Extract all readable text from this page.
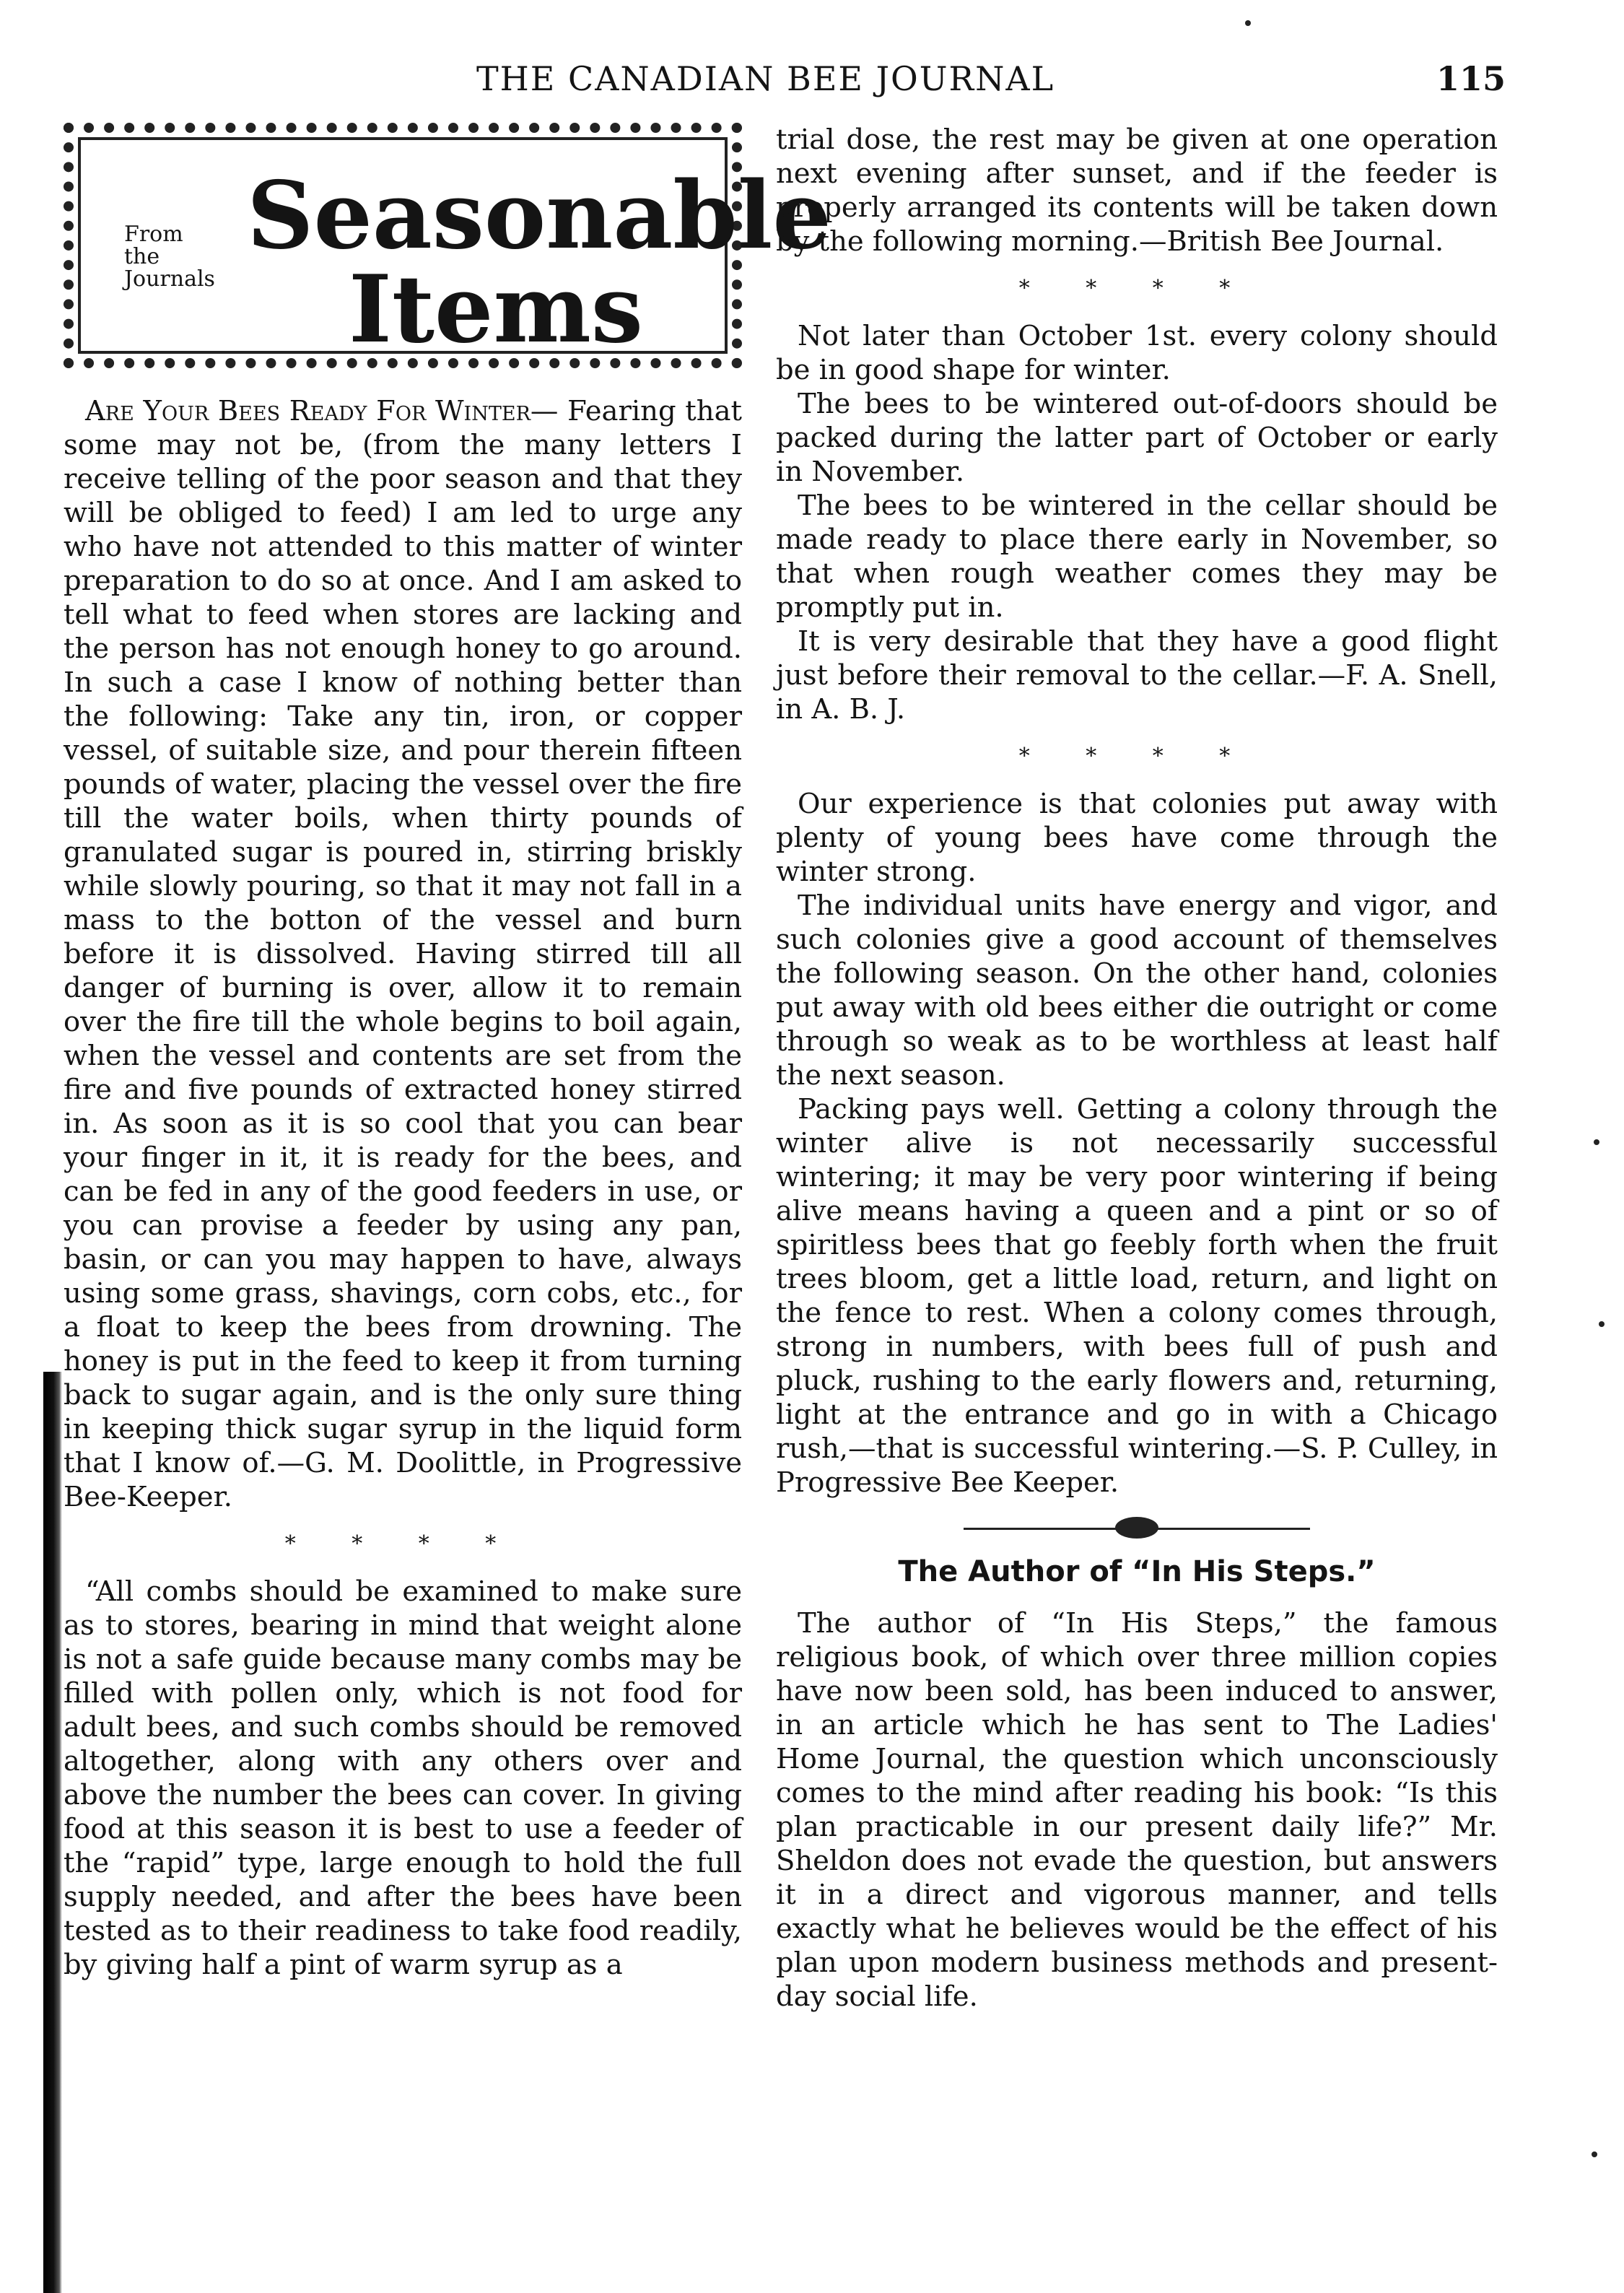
THE CANADIAN BEE JOURNAL	115
From
the
Journals
Seasonable
Items

Are Your Bees Ready For Winter— Fearing that some may not be, (from the many letters I receive telling of the poor season and that they will be obliged to feed) I am led to urge any who have not attended to this matter of winter preparation to do so at once. And I am asked to tell what to feed when stores are lacking and the person has not enough honey to go around. In such a case I know of nothing better than the following: Take any tin, iron, or copper vessel, of suitable size, and pour therein fifteen pounds of water, placing the vessel over the fire till the water boils, when thirty pounds of granulated sugar is poured in, stirring briskly while slowly pouring, so that it may not fall in a mass to the botton of the vessel and burn before it is dissolved. Having stirred till all danger of burning is over, allow it to remain over the fire till the whole begins to boil again, when the vessel and contents are set from the fire and five pounds of extracted honey stirred in. As soon as it is so cool that you can bear your finger in it, it is ready for the bees, and can be fed in any of the good feeders in use, or you can provise a feeder by using any pan, basin, or can you may happen to have, always using some grass, shavings, corn cobs, etc., for a float to keep the bees from drowning. The honey is put in the feed to keep it from turning back to sugar again, and is the only sure thing in keeping thick sugar syrup in the liquid form that I know of.—G. M. Doolittle, in Progressive Bee-Keeper.

* * * *

“All combs should be examined to make sure as to stores, bearing in mind that weight alone is not a safe guide because many combs may be filled with pollen only, which is not food for adult bees, and such combs should be removed altogether, along with any others over and above the number the bees can cover. In giving food at this season it is best to use a feeder of the “rapid” type, large enough to hold the full supply needed, and after the bees have been tested as to their readiness to take food readily, by giving half a pint of warm syrup as a

trial dose, the rest may be given at one operation next evening after sunset, and if the feeder is properly arranged its contents will be taken down by the following morning.—British Bee Journal.

* * * *

Not later than October 1st. every colony should be in good shape for winter.

The bees to be wintered out-of-doors should be packed during the latter part of October or early in November.

The bees to be wintered in the cellar should be made ready to place there early in November, so that when rough weather comes they may be promptly put in.

It is very desirable that they have a good flight just before their removal to the cellar.—F. A. Snell, in A. B. J.

* * * *

Our experience is that colonies put away with plenty of young bees have come through the winter strong.

The individual units have energy and vigor, and such colonies give a good account of themselves the following season. On the other hand, colonies put away with old bees either die outright or come through so weak as to be worthless at least half the next season.

Packing pays well. Getting a colony through the winter alive is not necessarily successful wintering; it may be very poor wintering if being alive means having a queen and a pint or so of spiritless bees that go feebly forth when the fruit trees bloom, get a little load, return, and light on the fence to rest. When a colony comes through, strong in numbers, with bees full of push and pluck, rushing to the early flowers and, returning, light at the entrance and go in with a Chicago rush,—that is successful wintering.—S. P. Culley, in Progressive Bee Keeper.

The Author of “In His Steps.”

The author of “In His Steps,” the famous religious book, of which over three million copies have now been sold, has been induced to answer, in an article which he has sent to The Ladies' Home Journal, the question which unconsciously comes to the mind after reading his book: “Is this plan practicable in our present daily life?” Mr. Sheldon does not evade the question, but answers it in a direct and vigorous manner, and tells exactly what he believes would be the effect of his plan upon modern business methods and present-day social life.
